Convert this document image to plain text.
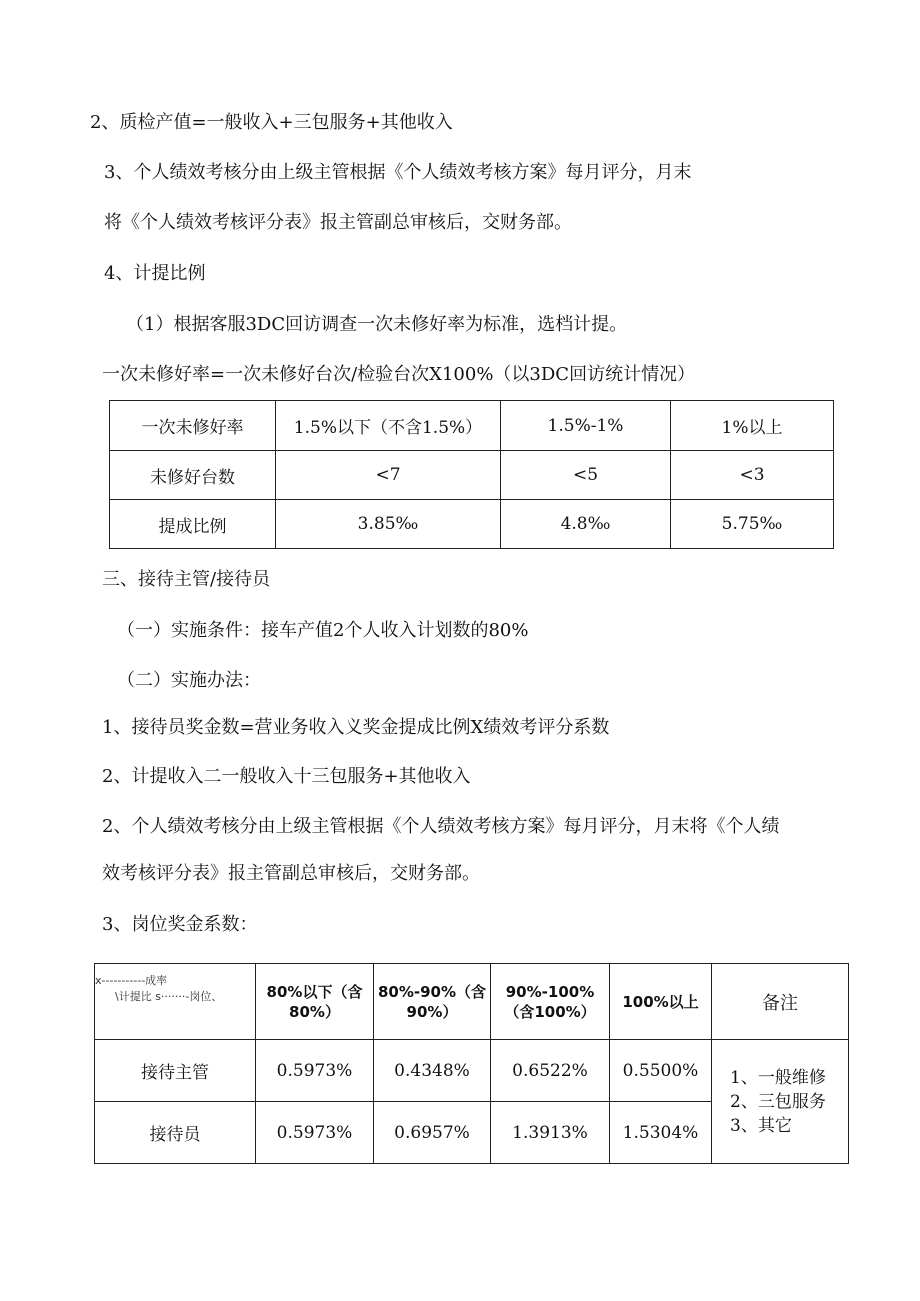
2、质检产值=一般收入+三包服务+其他收入
3、个人绩效考核分由上级主管根据《个人绩效考核方案》每月评分，月末
将《个人绩效考核评分表》报主管副总审核后，交财务部。
4、计提比例
（1）根据客服3DC回访调查一次未修好率为标准，选档计提。
一次未修好率=一次未修好台次/检验台次X100%（以3DC回访统计情况）
一次未修好率	1.5%以下（不含1.5%）	1.5%-1%	1%以上
未修好台数	<7	<5	<3
提成比例	3.85‰	4.8‰	5.75‰
三、接待主管/接待员
（一）实施条件：接车产值2个人收入计划数的80%
（二）实施办法：
1、接待员奖金数=营业务收入义奖金提成比例X绩效考评分系数
2、计提收入二一般收入十三包服务+其他收入
2、个人绩效考核分由上级主管根据《个人绩效考核方案》每月评分，月末将《个人绩
效考核评分表》报主管副总审核后，交财务部。
3、岗位奖金系数：
x-----------成率
\计提比 s·······-岗位、	80%以下（含80%）	80%-90%（含90%）	90%-100%（含100%）	100%以上	备注
接待主管	0.5973%	0.4348%	0.6522%	0.5500%	1、一般维修
2、三包服务
3、其它

接待员	0.5973%	0.6957%	1.3913%	1.5304%	
